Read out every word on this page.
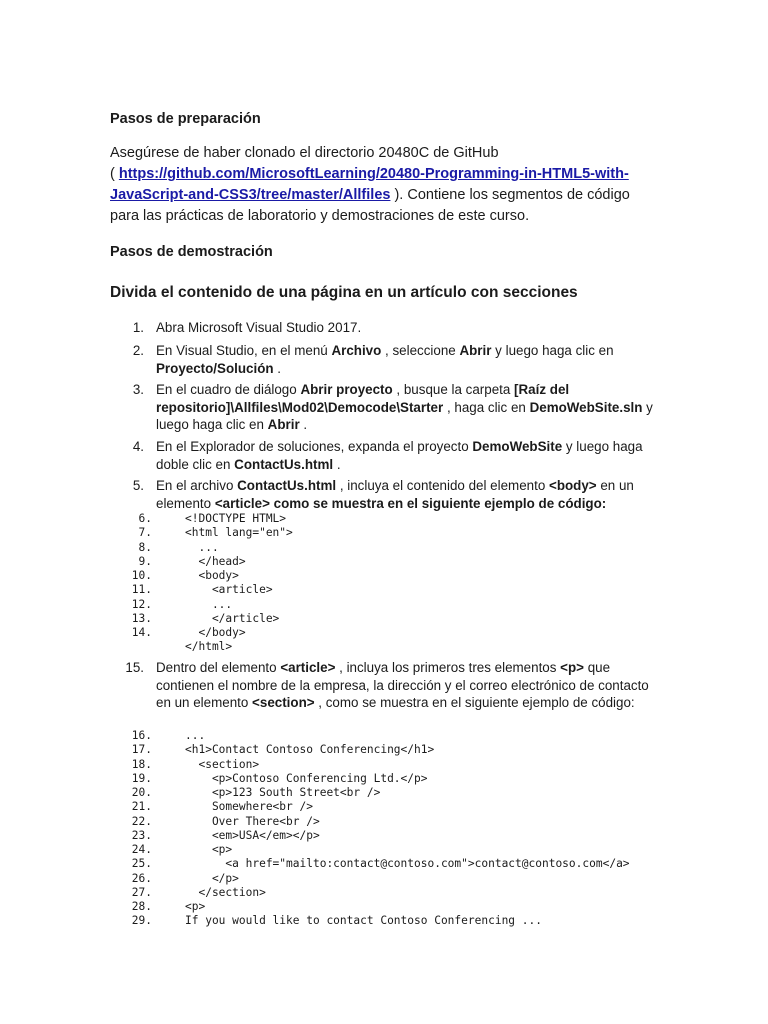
Pasos de preparación

Asegúrese de haber clonado el directorio 20480C de GitHub
( https://github.com/MicrosoftLearning/20480-Programming-in-HTML5-with-JavaScript-and-CSS3/tree/master/Allfiles ). Contiene los segmentos de código para las prácticas de laboratorio y demostraciones de este curso.

Pasos de demostración
Divida el contenido de una página en un artículo con secciones
1. Abra Microsoft Visual Studio 2017.
2. En Visual Studio, en el menú Archivo , seleccione Abrir y luego haga clic en Proyecto/Solución .
3. En el cuadro de diálogo Abrir proyecto , busque la carpeta [Raíz del repositorio]\Allfiles\Mod02\Democode\Starter , haga clic en DemoWebSite.sln y luego haga clic en Abrir .
4. En el Explorador de soluciones, expanda el proyecto DemoWebSite y luego haga doble clic en ContactUs.html .
5. En el archivo ContactUs.html , incluya el contenido del elemento <body> en un elemento <article> como se muestra en el siguiente ejemplo de código:
6.	<!DOCTYPE HTML>
7.	<html lang="en">
8.	...
9.	</head>
10.	<body>
11.	<article>
12.	...
13.	</article>
14.	</body>
</html>
15. Dentro del elemento <article> , incluya los primeros tres elementos <p> que contienen el nombre de la empresa, la dirección y el correo electrónico de contacto en un elemento <section> , como se muestra en el siguiente ejemplo de código:
16.	...
17.	<h1>Contact Contoso Conferencing</h1>
18.	<section>
19.	<p>Contoso Conferencing Ltd.</p>
20.	<p>123 South Street<br />
21.	Somewhere<br />
22.	Over There<br />
23.	<em>USA</em></p>
24.	<p>
25.	<a href="mailto:contact@contoso.com">contact@contoso.com</a>
26.	</p>
27.	</section>
28.	<p>
29.	If you would like to contact Contoso Conferencing ...
